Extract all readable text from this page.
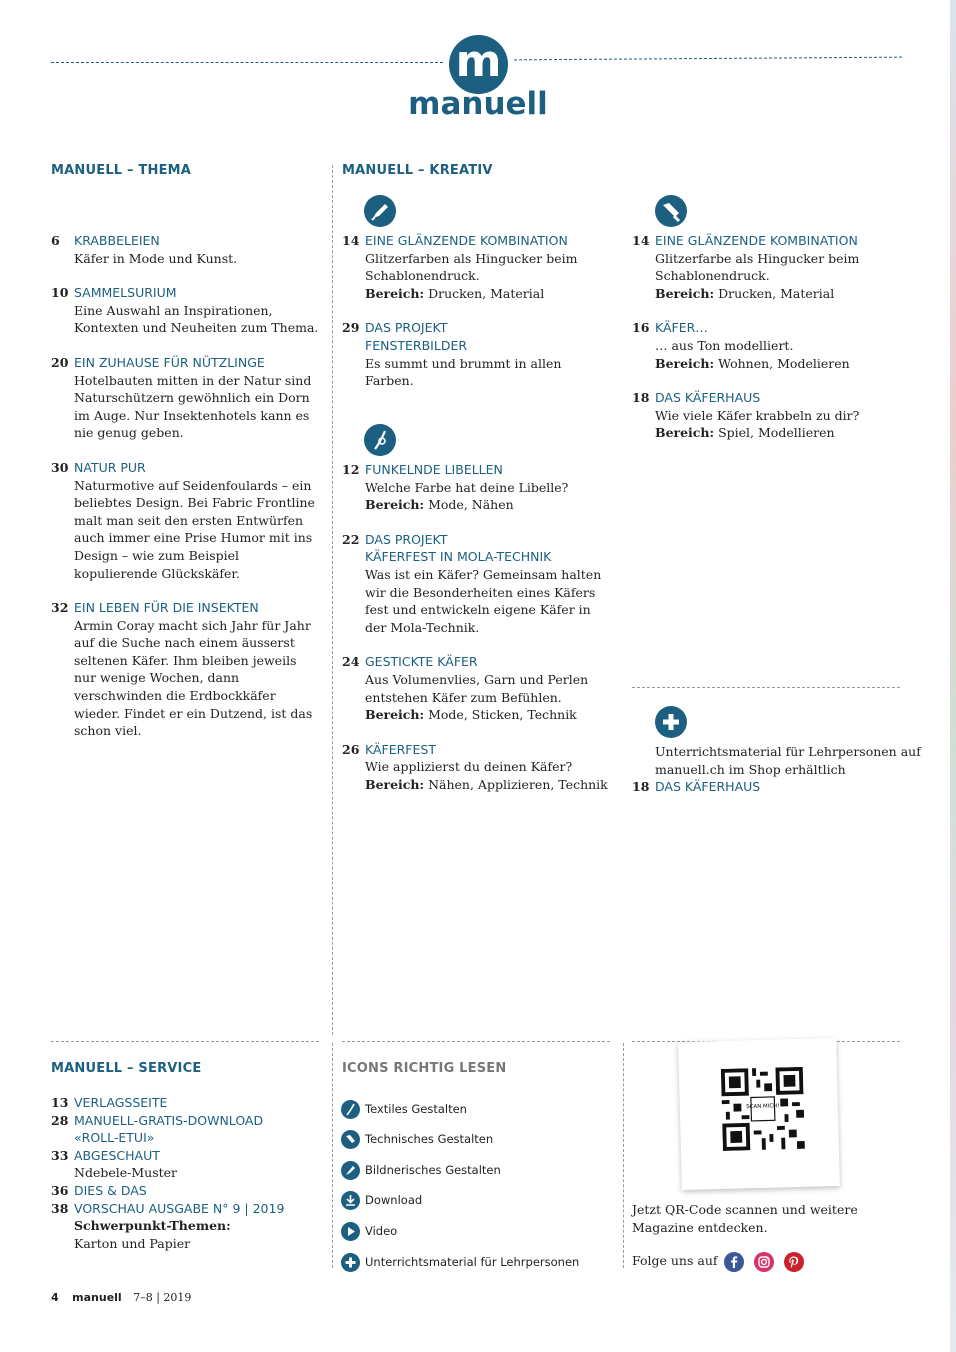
m
manuell
MANUELL – THEMA	MANUELL – KREATIV
6 KRABBELEIEN
Käfer in Mode und Kunst.
10 SAMMELSURIUM
Eine Auswahl an Inspirationen, Kontexten und Neuheiten zum Thema.
20 EIN ZUHAUSE FÜR NÜTZLINGE
Hotelbauten mitten in der Natur sind Naturschützern gewöhnlich ein Dorn im Auge. Nur Insektenhotels kann es nie genug geben.
30 NATUR PUR
Naturmotive auf Seidenfoulards – ein beliebtes Design. Bei Fabric Frontline malt man seit den ersten Entwürfen auch immer eine Prise Humor mit ins Design – wie zum Beispiel kopulierende Glückskäfer.
32 EIN LEBEN FÜR DIE INSEKTEN
Armin Coray macht sich Jahr für Jahr auf die Suche nach einem äusserst seltenen Käfer. Ihm bleiben jeweils nur wenige Wochen, dann verschwinden die Erdbockkäfer wieder. Findet er ein Dutzend, ist das schon viel.
14 EINE GLÄNZENDE KOMBINATION
Glitzerfarben als Hingucker beim Schablonendruck.
Bereich: Drucken, Material
29 DAS PROJEKT
FENSTERBILDER
Es summt und brummt in allen Farben.
12 FUNKELNDE LIBELLEN
Welche Farbe hat deine Libelle?
Bereich: Mode, Nähen
22 DAS PROJEKT
KÄFERFEST IN MOLA-TECHNIK
Was ist ein Käfer? Gemeinsam halten wir die Besonderheiten eines Käfers fest und entwickeln eigene Käfer in der Mola-Technik.
24 GESTICKTE KÄFER
Aus Volumenvlies, Garn und Perlen entstehen Käfer zum Befühlen.
Bereich: Mode, Sticken, Technik
26 KÄFERFEST
Wie applizierst du deinen Käfer?
Bereich: Nähen, Applizieren, Technik
14 EINE GLÄNZENDE KOMBINATION
Glitzerfarbe als Hingucker beim Schablonendruck.
Bereich: Drucken, Material
16 KÄFER…
… aus Ton modelliert.
Bereich: Wohnen, Modelieren
18 DAS KÄFERHAUS
Wie viele Käfer krabbeln zu dir?
Bereich: Spiel, Modellieren
Unterrichtsmaterial für Lehrpersonen auf manuell.ch im Shop erhältlich
18 DAS KÄFERHAUS
MANUELL – SERVICE
13 VERLAGSSEITE
28 MANUELL-GRATIS-DOWNLOAD
«ROLL-ETUI»
33 ABGESCHAUT
Ndebele-Muster
36 DIES & DAS
38 VORSCHAU AUSGABE N° 9 | 2019
Schwerpunkt-Themen:
Karton und Papier
ICONS RICHTIG LESEN
Textiles Gestalten
Technisches Gestalten
Bildnerisches Gestalten
Download
Video
Unterrichtsmaterial für Lehrpersonen
SCAN MICH!
Jetzt QR-Code scannen und weitere Magazine entdecken.
Folge uns auf
4 manuell 7–8 | 2019
